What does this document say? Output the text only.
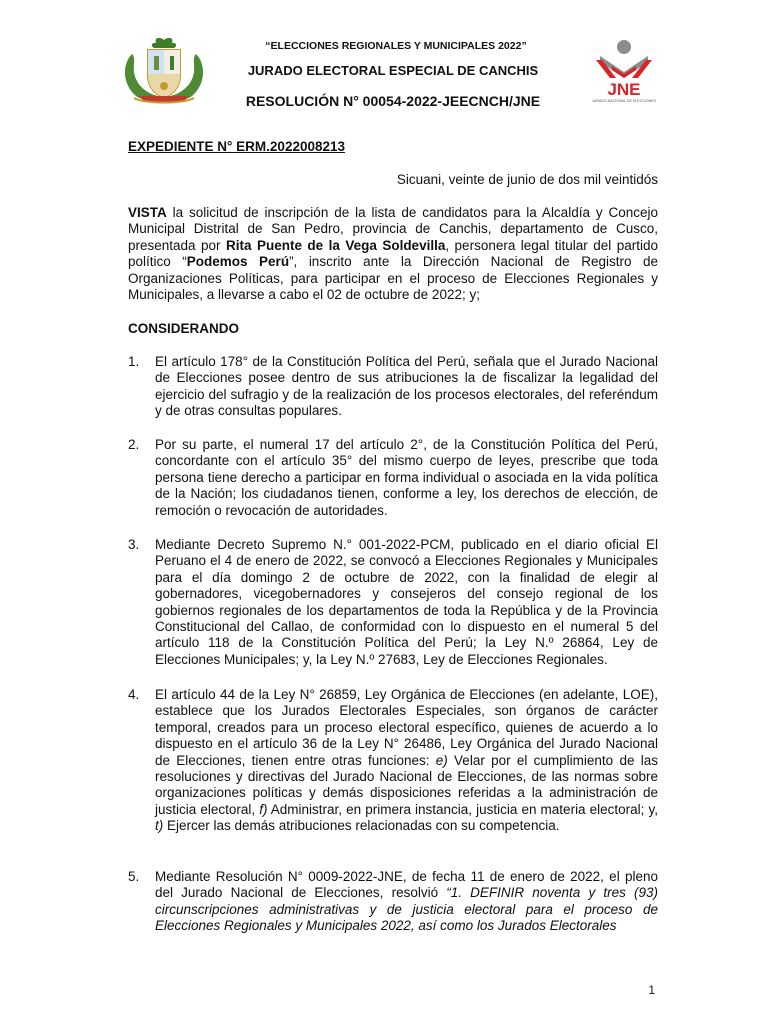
“ELECCIONES REGIONALES Y MUNICIPALES 2022”
JURADO ELECTORAL ESPECIAL DE CANCHIS
RESOLUCIÓN N° 00054-2022-JEECNCH/JNE
JNE
JURADO NACIONAL DE ELECCIONES
EXPEDIENTE N° ERM.2022008213
Sicuani, veinte de junio de dos mil veintidós
VISTA la solicitud de inscripción de la lista de candidatos para la Alcaldía y Concejo Municipal Distrital de San Pedro, provincia de Canchis, departamento de Cusco, presentada por Rita Puente de la Vega Soldevilla, personera legal titular del partido político “Podemos Perú”, inscrito ante la Dirección Nacional de Registro de Organizaciones Políticas, para participar en el proceso de Elecciones Regionales y Municipales, a llevarse a cabo el 02 de octubre de 2022; y;
CONSIDERANDO
1.	El artículo 178° de la Constitución Política del Perú, señala que el Jurado Nacional de Elecciones posee dentro de sus atribuciones la de fiscalizar la legalidad del ejercicio del sufragio y de la realización de los procesos electorales, del referéndum y de otras consultas populares.
2.	Por su parte, el numeral 17 del artículo 2°, de la Constitución Política del Perú, concordante con el artículo 35° del mismo cuerpo de leyes, prescribe que toda persona tiene derecho a participar en forma individual o asociada en la vida política de la Nación; los ciudadanos tienen, conforme a ley, los derechos de elección, de remoción o revocación de autoridades.
3.	Mediante Decreto Supremo N.° 001-2022-PCM, publicado en el diario oficial El Peruano el 4 de enero de 2022, se convocó a Elecciones Regionales y Municipales para el día domingo 2 de octubre de 2022, con la finalidad de elegir al gobernadores, vicegobernadores y consejeros del consejo regional de los gobiernos regionales de los departamentos de toda la República y de la Provincia Constitucional del Callao, de conformidad con lo dispuesto en el numeral 5 del artículo 118 de la Constitución Política del Perú; la Ley N.º 26864, Ley de Elecciones Municipales; y, la Ley N.º 27683, Ley de Elecciones Regionales.
4.	El artículo 44 de la Ley N° 26859, Ley Orgánica de Elecciones (en adelante, LOE), establece que los Jurados Electorales Especiales, son órganos de carácter temporal, creados para un proceso electoral específico, quienes de acuerdo a lo dispuesto en el artículo 36 de la Ley N° 26486, Ley Orgánica del Jurado Nacional de Elecciones, tienen entre otras funciones: e) Velar por el cumplimiento de las resoluciones y directivas del Jurado Nacional de Elecciones, de las normas sobre organizaciones políticas y demás disposiciones referidas a la administración de justicia electoral, f) Administrar, en primera instancia, justicia en materia electoral; y, t) Ejercer las demás atribuciones relacionadas con su competencia.
5.	Mediante Resolución N° 0009-2022-JNE, de fecha 11 de enero de 2022, el pleno del Jurado Nacional de Elecciones, resolvió “1. DEFINIR noventa y tres (93) circunscripciones administrativas y de justicia electoral para el proceso de Elecciones Regionales y Municipales 2022, así como los Jurados Electorales
1
